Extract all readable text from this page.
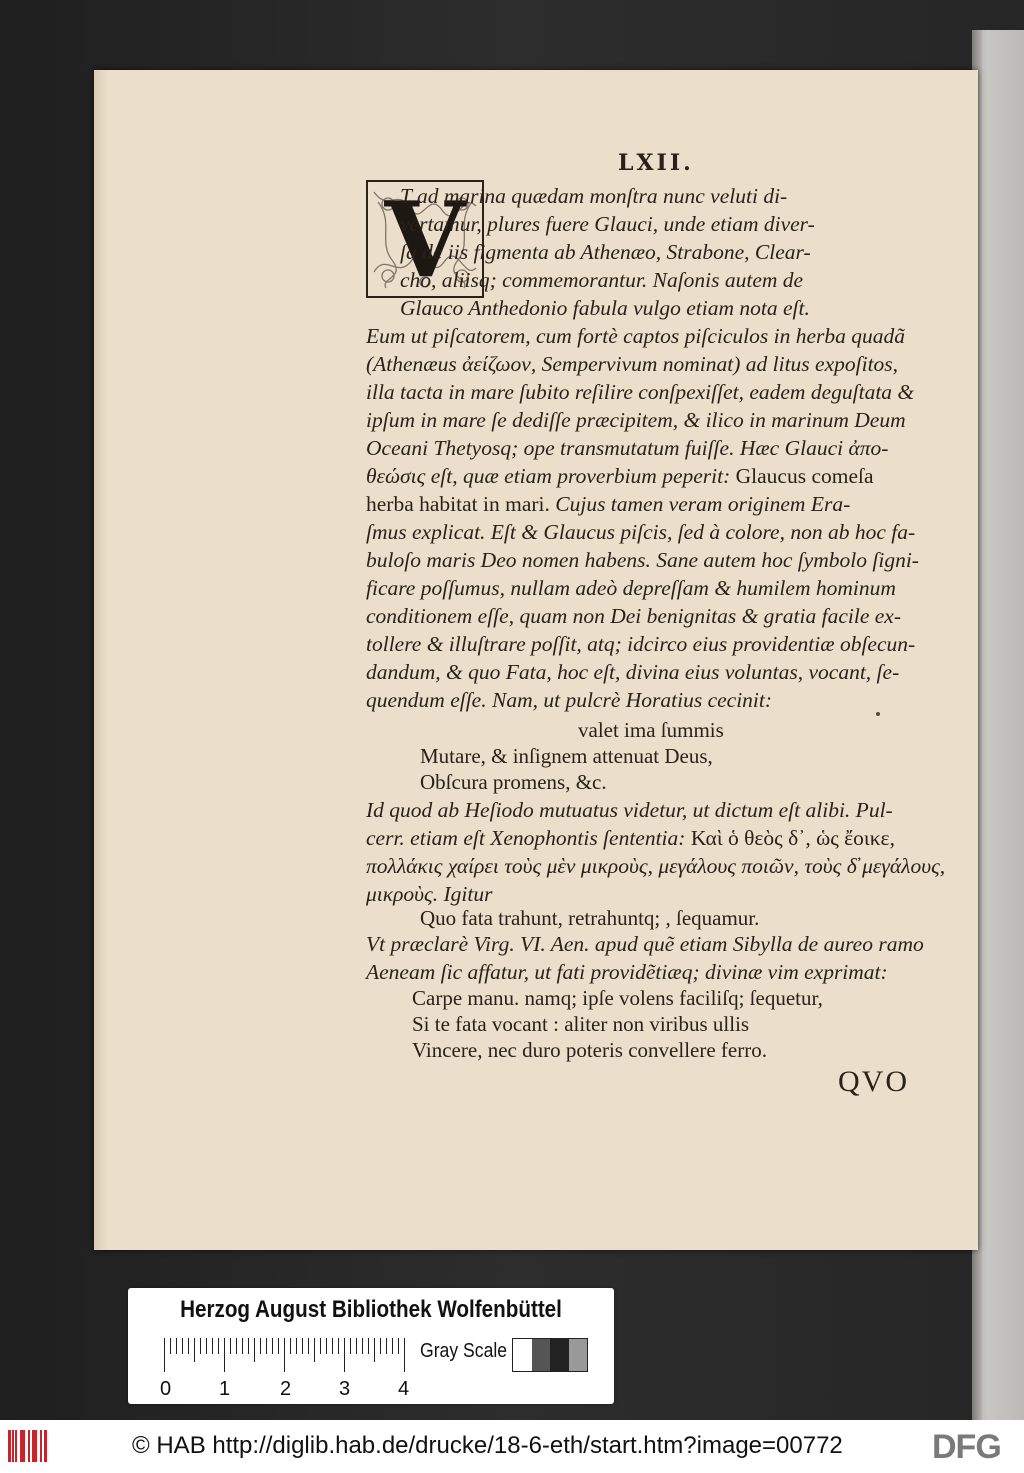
LXII.
V
T ad marina quædam monſtra nunc veluti di-
vertamur, plures fuere Glauci, unde etiam diver-
ſa de iis figmenta ab Athenæo, Strabone, Clear-
cho, aliisq; commemorantur. Naſonis autem de
Glauco Anthedonio fabula vulgo etiam nota eſt.
Eum ut piſcatorem, cum fortè captos piſciculos in herba quadã
(Athenæus ἀείζωον, Sempervivum nominat) ad litus expoſitos,
illa tacta in mare ſubito reſilire conſpexiſſet, eadem deguſtata &
ipſum in mare ſe dediſſe præcipitem, & ilico in marinum Deum
Oceani Thetyosq; ope transmutatum fuiſſe. Hæc Glauci ἀπο-
θεώσις eſt, quæ etiam proverbium peperit: Glaucus comeſa
herba habitat in mari. Cujus tamen veram originem Era-
ſmus explicat. Eſt & Glaucus piſcis, ſed à colore, non ab hoc fa-
buloſo maris Deo nomen habens. Sane autem hoc ſymbolo ſigni-
ficare poſſumus, nullam adeò depreſſam & humilem hominum
conditionem eſſe, quam non Dei benignitas & gratia facile ex-
tollere & illuſtrare poſſit, atq; idcirco eius providentiæ obſecun-
dandum, & quo Fata, hoc eſt, divina eius voluntas, vocant, ſe-
quendum eſſe. Nam, ut pulcrè Horatius cecinit:
valet ima ſummis
Mutare, & inſignem attenuat Deus,
Obſcura promens, &c.
Id quod ab Heſiodo mutuatus videtur, ut dictum eſt alibi. Pul-
cerr. etiam eſt Xenophontis ſententia: Καὶ ὁ θεὸς δ᾽, ὡς ἔοικε,
πολλάκις χαίρει τοὺς μὲν μικροὺς, μεγάλους ποιῶν, τοὺς δ̓ μεγάλους,
μικροὺς. Igitur
Quo fata trahunt, retrahuntq; , ſequamur.
Vt præclarè Virg. VI. Aen. apud quẽ etiam Sibylla de aureo ramo
Aeneam ſic affatur, ut fati providẽtiæq; divinæ vim exprimat:
Carpe manu. namq; ipſe volens faciliſq; ſequetur,
Si te fata vocant : aliter non viribus ullis
Vincere, nec duro poteris convellere ferro.
QVO
Herzog August Bibliothek Wolfenbüttel
0 1 2 3 4
Gray Scale
© HAB http://diglib.hab.de/drucke/18-6-eth/start.htm?image=00772	DFG
